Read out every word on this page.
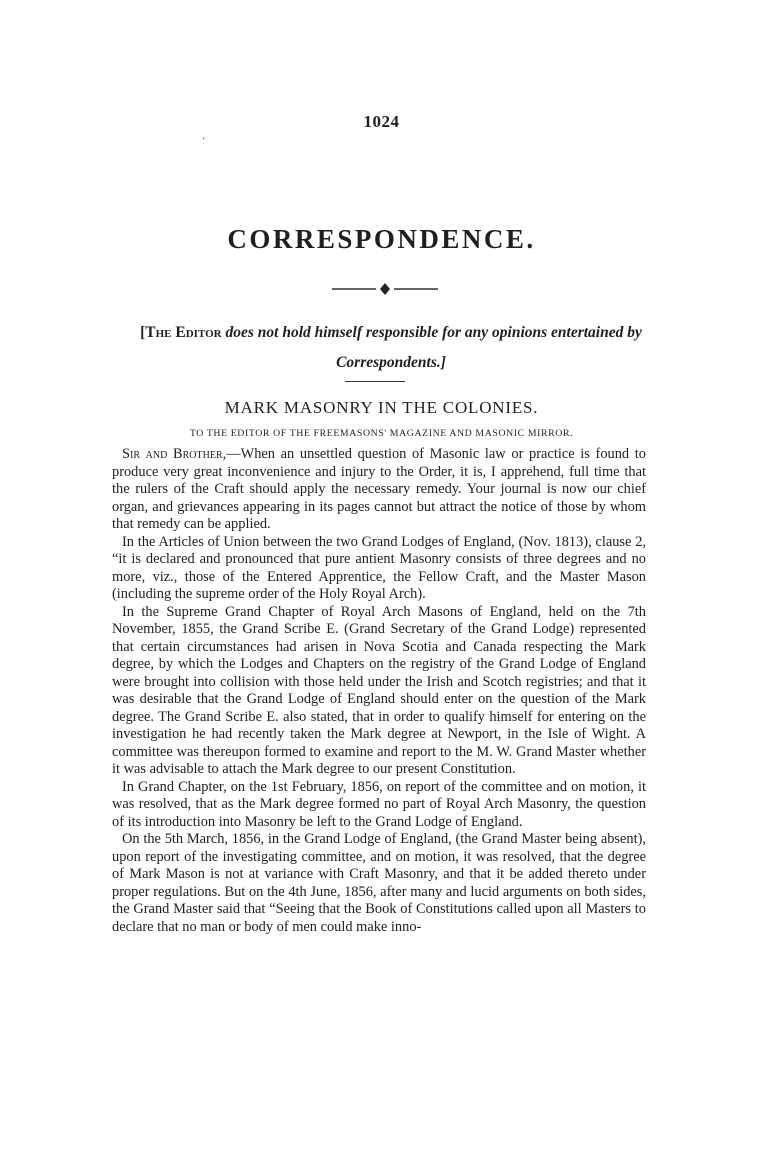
1024
‘
CORRESPONDENCE.
[The Editor does not hold himself responsible for any opinions entertained by Correspondents.]
MARK MASONRY IN THE COLONIES.
TO THE EDITOR OF THE FREEMASONS' MAGAZINE AND MASONIC MIRROR.

Sir and Brother,—When an unsettled question of Masonic law or practice is found to produce very great inconvenience and injury to the Order, it is, I apprehend, full time that the rulers of the Craft should apply the necessary remedy. Your journal is now our chief organ, and grievances appearing in its pages cannot but attract the notice of those by whom that remedy can be applied.

In the Articles of Union between the two Grand Lodges of England, (Nov. 1813), clause 2, “it is declared and pronounced that pure antient Masonry consists of three degrees and no more, viz., those of the Entered Apprentice, the Fellow Craft, and the Master Mason (including the supreme order of the Holy Royal Arch).

In the Supreme Grand Chapter of Royal Arch Masons of England, held on the 7th November, 1855, the Grand Scribe E. (Grand Secretary of the Grand Lodge) represented that certain circumstances had arisen in Nova Scotia and Canada respecting the Mark degree, by which the Lodges and Chapters on the registry of the Grand Lodge of England were brought into collision with those held under the Irish and Scotch registries; and that it was desirable that the Grand Lodge of England should enter on the question of the Mark degree. The Grand Scribe E. also stated, that in order to qualify himself for entering on the investigation he had recently taken the Mark degree at Newport, in the Isle of Wight. A committee was thereupon formed to examine and report to the M. W. Grand Master whether it was advisable to attach the Mark degree to our present Constitution.

In Grand Chapter, on the 1st February, 1856, on report of the committee and on motion, it was resolved, that as the Mark degree formed no part of Royal Arch Masonry, the question of its introduction into Masonry be left to the Grand Lodge of England.

On the 5th March, 1856, in the Grand Lodge of England, (the Grand Master being absent), upon report of the investigating committee, and on motion, it was resolved, that the degree of Mark Mason is not at variance with Craft Masonry, and that it be added thereto under proper regulations. But on the 4th June, 1856, after many and lucid arguments on both sides, the Grand Master said that “Seeing that the Book of Constitutions called upon all Masters to declare that no man or body of men could make inno-
